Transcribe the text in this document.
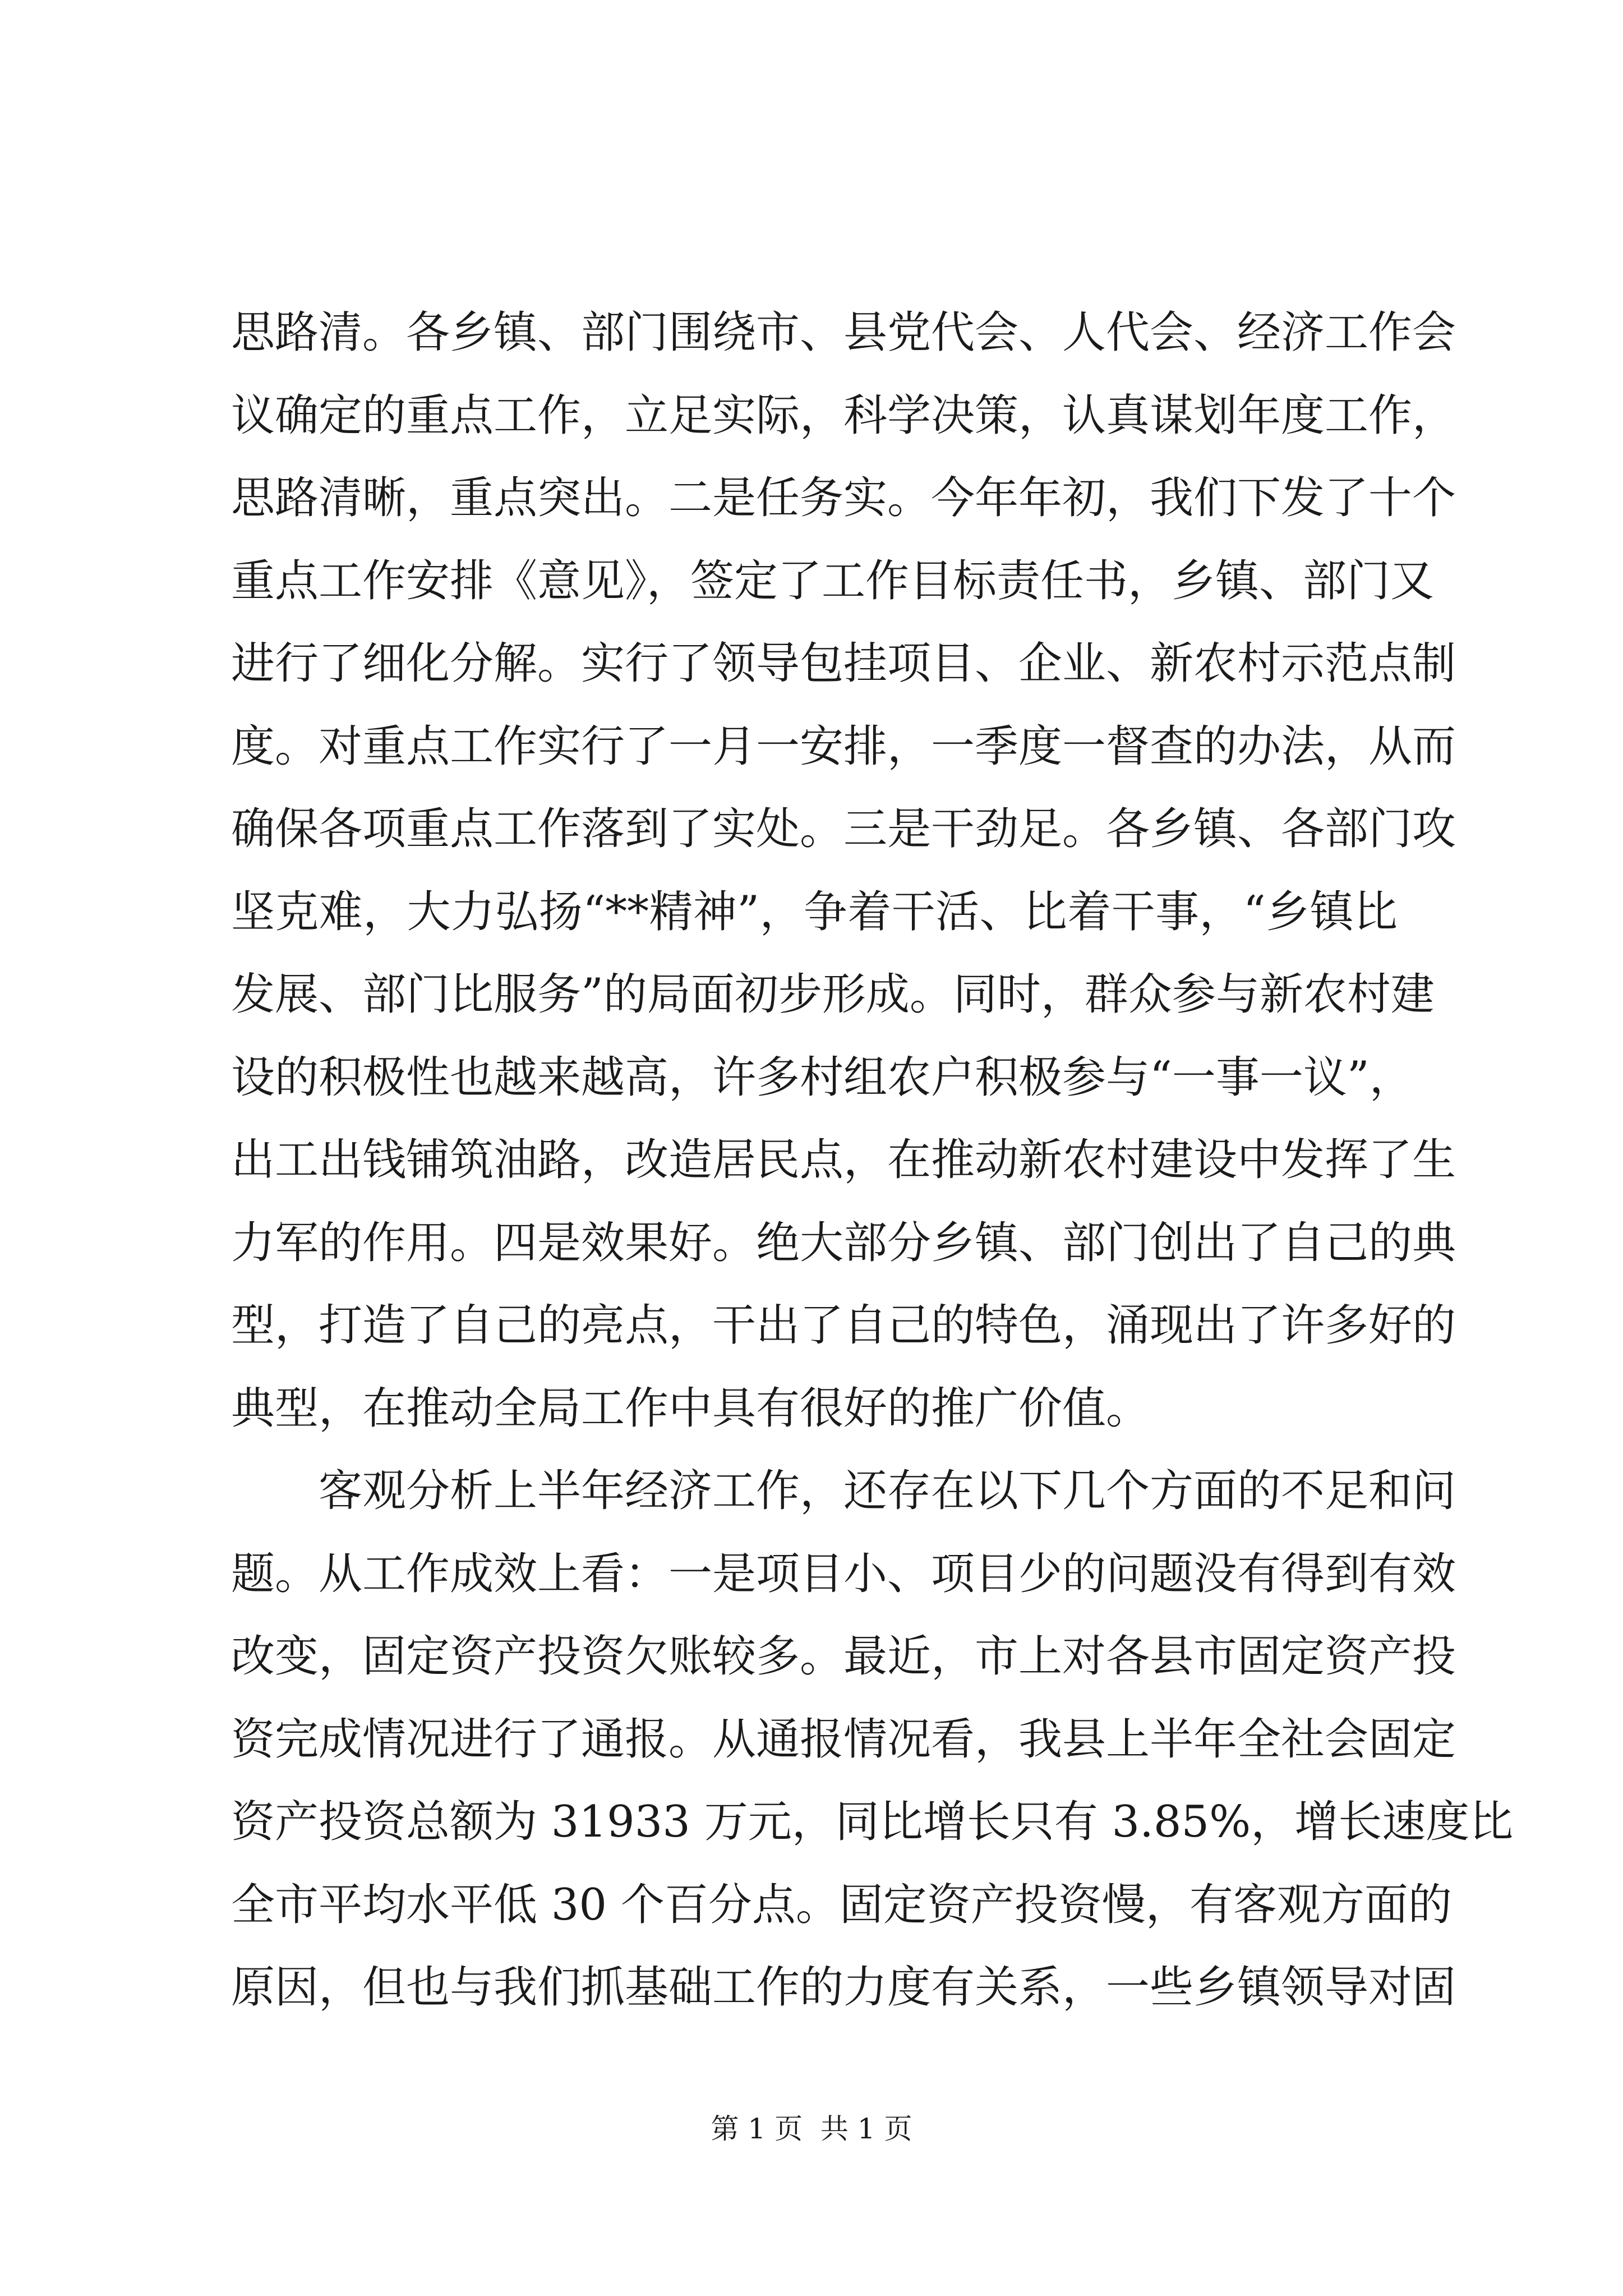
思路清。各乡镇、部门围绕市、县党代会、人代会、经济工作会
议确定的重点工作，立足实际，科学决策，认真谋划年度工作，
思路清晰，重点突出。二是任务实。今年年初，我们下发了十个
重点工作安排《意见》，签定了工作目标责任书，乡镇、部门又
进行了细化分解。实行了领导包挂项目、企业、新农村示范点制
度。对重点工作实行了一月一安排，一季度一督查的办法，从而
确保各项重点工作落到了实处。三是干劲足。各乡镇、各部门攻
坚克难，大力弘扬“**精神”，争着干活、比着干事，“乡镇比
发展、部门比服务”的局面初步形成。同时，群众参与新农村建
设的积极性也越来越高，许多村组农户积极参与“一事一议”，
出工出钱铺筑油路，改造居民点，在推动新农村建设中发挥了生
力军的作用。四是效果好。绝大部分乡镇、部门创出了自己的典
型，打造了自己的亮点，干出了自己的特色，涌现出了许多好的
典型，在推动全局工作中具有很好的推广价值。
客观分析上半年经济工作，还存在以下几个方面的不足和问
题。从工作成效上看：一是项目小、项目少的问题没有得到有效
改变，固定资产投资欠账较多。最近，市上对各县市固定资产投
资完成情况进行了通报。从通报情况看，我县上半年全社会固定
资产投资总额为 31933 万元，同比增长只有 3.85%，增长速度比
全市平均水平低 30 个百分点。固定资产投资慢，有客观方面的
原因，但也与我们抓基础工作的力度有关系，一些乡镇领导对固
第 1 页  共 1 页
